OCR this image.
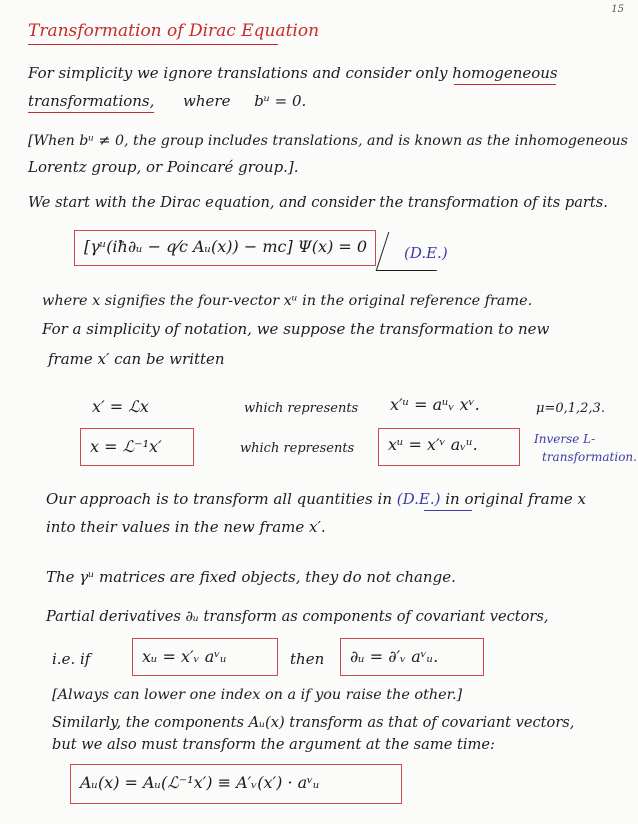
15
Transformation of Dirac Equation
For simplicity we ignore translations and consider only homogeneous
transformations, where bᵘ = 0.
[When bᵘ ≠ 0, the group includes translations, and is known as the inhomogeneous
Lorentz group, or Poincaré group.].
We start with the Dirac equation, and consider the transformation of its parts.
[γᵘ(iħ∂ᵤ − q⁄c Aᵤ(x)) − mc] Ψ(x) = 0 (D.E.)
where x signifies the four-vector xᵘ in the original reference frame.
For a simplicity of notation, we suppose the transformation to new
frame x′ can be written
x′ = ℒx	which represents x′ᵘ = aᵘᵥ xᵛ.	μ=0,1,2,3.
x = ℒ⁻¹x′	which represents xᵘ = x′ᵛ aᵥᵘ.	Inverse L-
transformation.
Our approach is to transform all quantities in (D.E.) in original frame x
into their values in the new frame x′.
The γᵘ matrices are fixed objects, they do not change.
Partial derivatives ∂ᵤ transform as components of covariant vectors,
i.e. if	xᵤ = x′ᵥ aᵛᵤ	then ∂ᵤ = ∂′ᵥ aᵛᵤ.
[Always can lower one index on a if you raise the other.]
Similarly, the components Aᵤ(x) transform as that of covariant vectors,
but we also must transform the argument at the same time:
Aᵤ(x) = Aᵤ(ℒ⁻¹x′) ≡ A′ᵥ(x′) · aᵛᵤ
